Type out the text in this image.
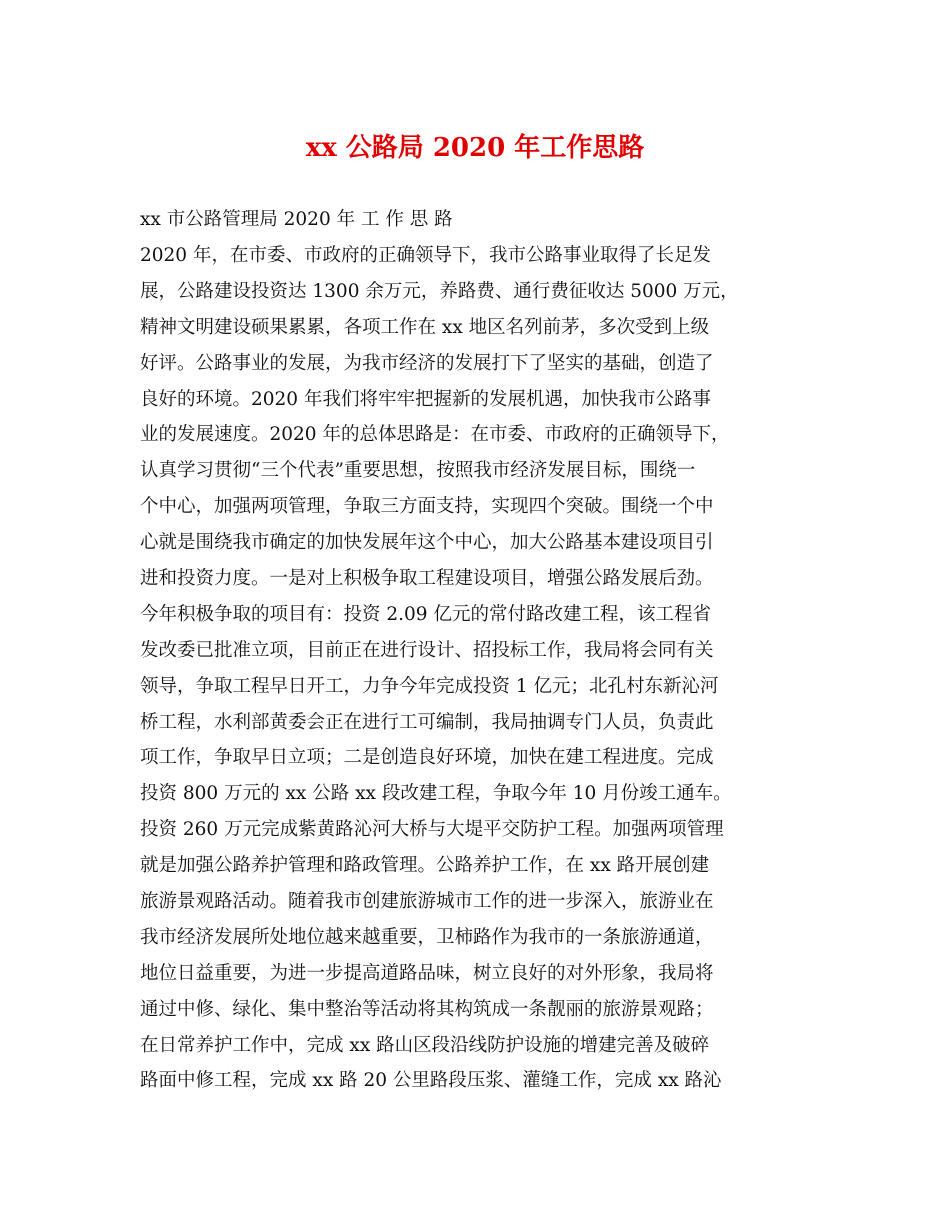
xx 公路局 2020 年工作思路
xx 市公路管理局 2020 年 工 作 思 路
2020 年，在市委、市政府的正确领导下，我市公路事业取得了长足发
展，公路建设投资达 1300 余万元，养路费、通行费征收达 5000 万元，
精神文明建设硕果累累，各项工作在 xx 地区名列前茅，多次受到上级
好评。公路事业的发展，为我市经济的发展打下了坚实的基础，创造了
良好的环境。2020 年我们将牢牢把握新的发展机遇，加快我市公路事
业的发展速度。2020 年的总体思路是：在市委、市政府的正确领导下，
认真学习贯彻“三个代表”重要思想，按照我市经济发展目标，围绕一
个中心，加强两项管理，争取三方面支持，实现四个突破。围绕一个中
心就是围绕我市确定的加快发展年这个中心，加大公路基本建设项目引
进和投资力度。一是对上积极争取工程建设项目，增强公路发展后劲。
今年积极争取的项目有：投资 2.09 亿元的常付路改建工程，该工程省
发改委已批准立项，目前正在进行设计、招投标工作，我局将会同有关
领导，争取工程早日开工，力争今年完成投资 1 亿元；北孔村东新沁河
桥工程，水利部黄委会正在进行工可编制，我局抽调专门人员，负责此
项工作，争取早日立项；二是创造良好环境，加快在建工程进度。完成
投资 800 万元的 xx 公路 xx 段改建工程，争取今年 10 月份竣工通车。
投资 260 万元完成紫黄路沁河大桥与大堤平交防护工程。加强两项管理
就是加强公路养护管理和路政管理。公路养护工作，在 xx 路开展创建
旅游景观路活动。随着我市创建旅游城市工作的进一步深入，旅游业在
我市经济发展所处地位越来越重要，卫柿路作为我市的一条旅游通道，
地位日益重要，为进一步提高道路品味，树立良好的对外形象，我局将
通过中修、绿化、集中整治等活动将其构筑成一条靓丽的旅游景观路；
在日常养护工作中，完成 xx 路山区段沿线防护设施的增建完善及破碎
路面中修工程，完成 xx 路 20 公里路段压浆、灌缝工作，完成 xx 路沁
